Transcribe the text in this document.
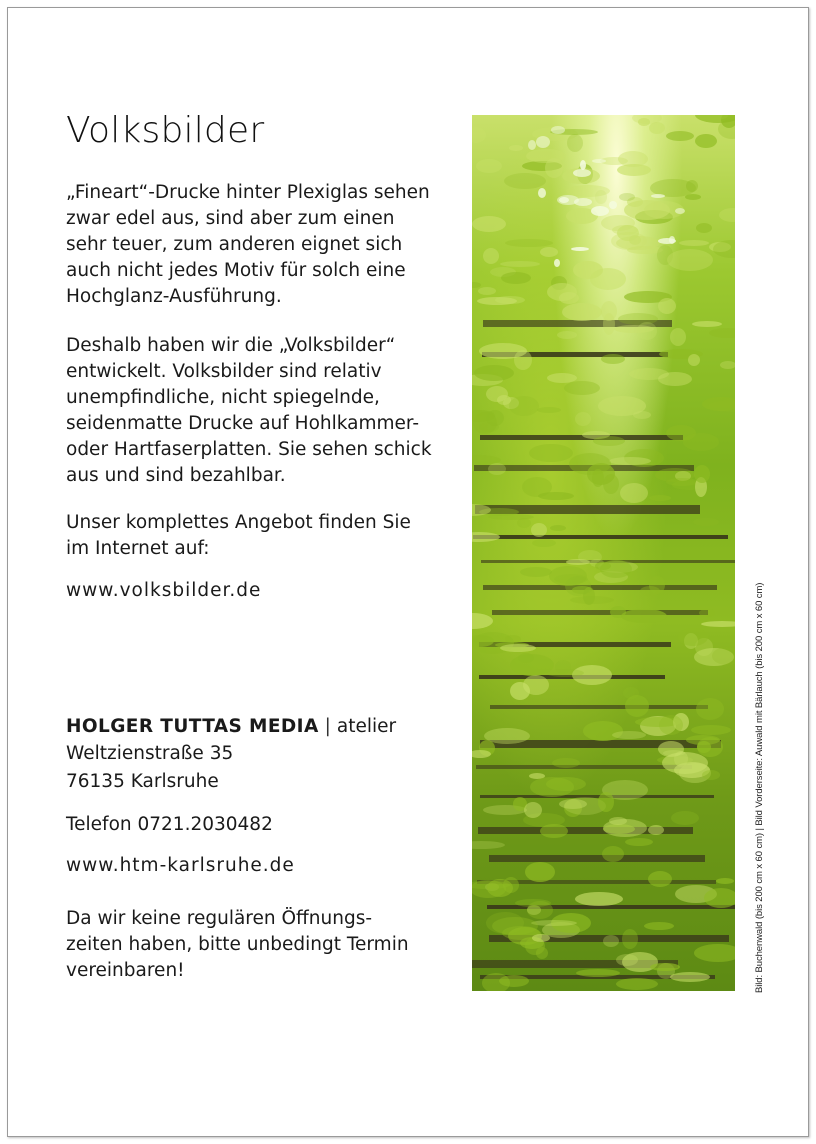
Volksbilder

„Fineart“-Drucke hinter Plexiglas sehen
zwar edel aus, sind aber zum einen
sehr teuer, zum anderen eignet sich
auch nicht jedes Motiv für solch eine
Hochglanz-Ausführung.

Deshalb haben wir die „Volksbilder“
entwickelt. Volksbilder sind relativ
unempfindliche, nicht spiegelnde,
seidenmatte Drucke auf Hohlkammer-
oder Hartfaserplatten. Sie sehen schick
aus und sind bezahlbar.

Unser komplettes Angebot finden Sie
im Internet auf:

www.volksbilder.de

HOLGER TUTTAS MEDIA | atelier

Weltzienstraße 35

76135 Karlsruhe

Telefon 0721.2030482

www.htm-karlsruhe.de

Da wir keine regulären Öffnungs-
zeiten haben, bitte unbedingt Termin
vereinbaren!	Bild: Buchenwald (bis 200 cm x 60 cm) | Bild Vorderseite: Auwald mit Bärlauch (bis 200 cm x 60 cm)
